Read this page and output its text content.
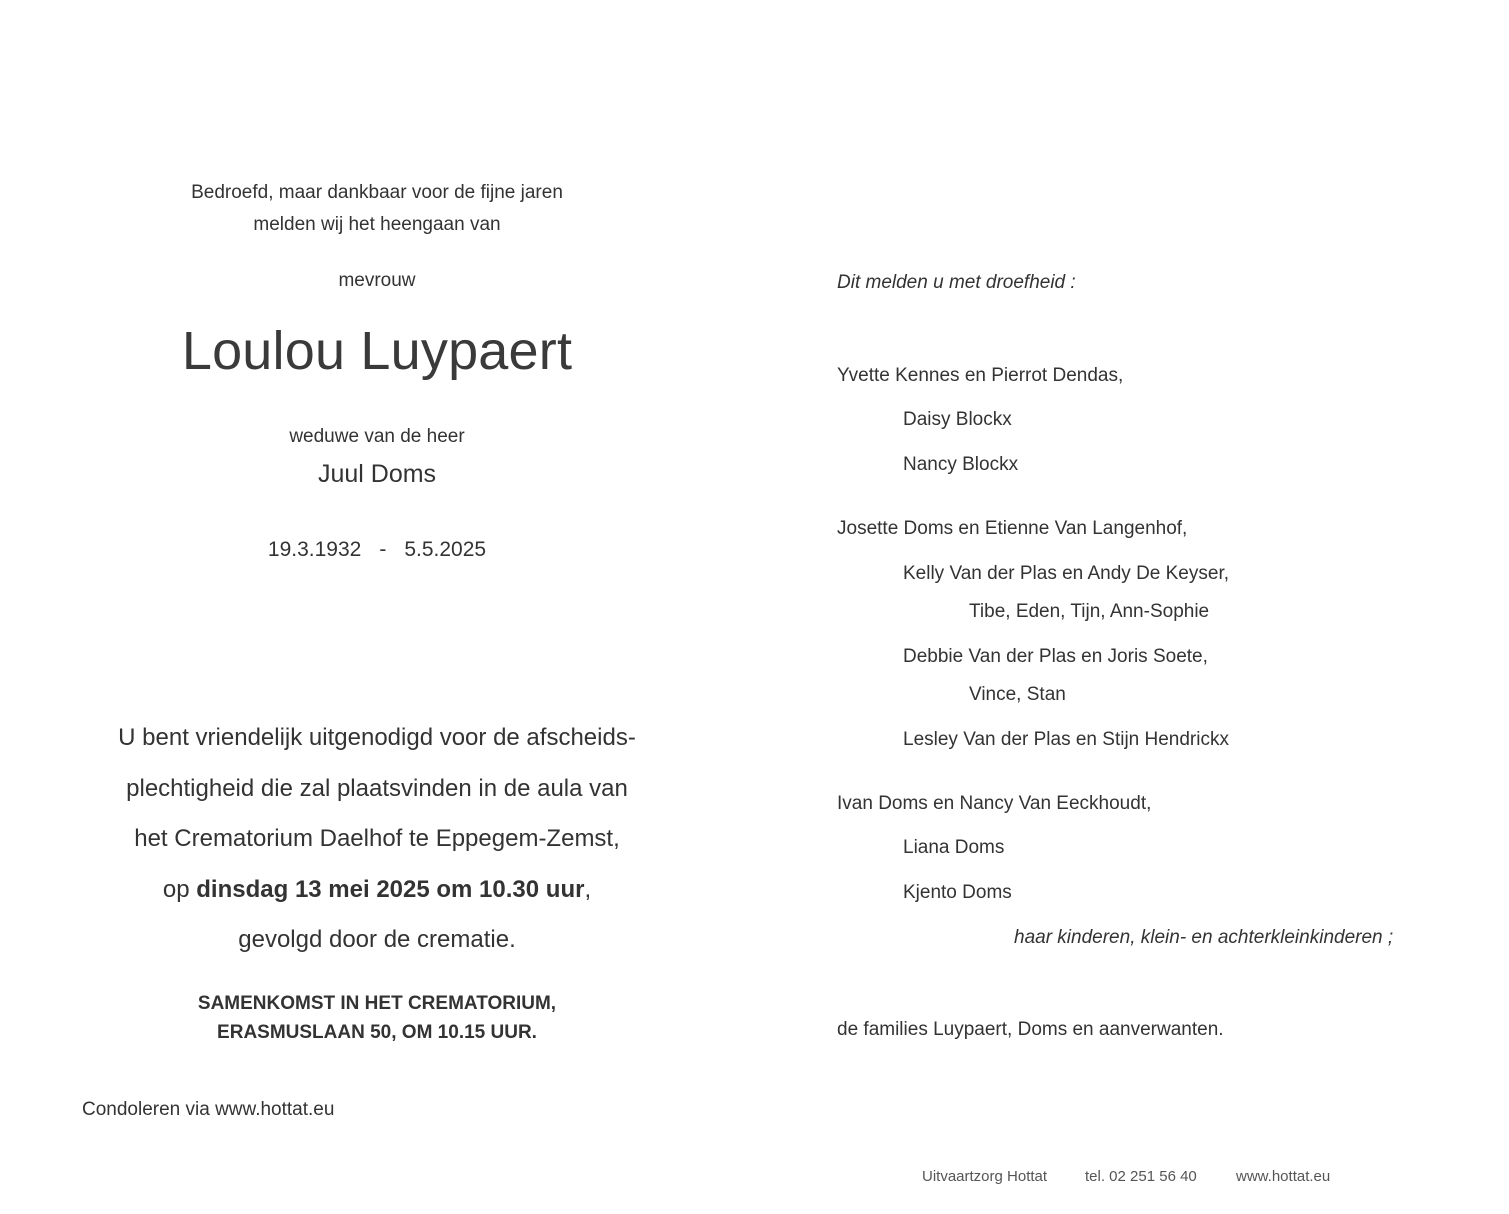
Bedroefd, maar dankbaar voor de fijne jaren
melden wij het heengaan van
mevrouw
Loulou Luypaert
weduwe van de heer
Juul Doms
19.3.1932 - 5.5.2025
U bent vriendelijk uitgenodigd voor de afscheids-
plechtigheid die zal plaatsvinden in de aula van
het Crematorium Daelhof te Eppegem-Zemst,
op dinsdag 13 mei 2025 om 10.30 uur,
gevolgd door de crematie.
SAMENKOMST IN HET CREMATORIUM,
ERASMUSLAAN 50, OM 10.15 UUR.
Condoleren via www.hottat.eu
Dit melden u met droefheid :
Yvette Kennes en Pierrot Dendas,
Daisy Blockx
Nancy Blockx
Josette Doms en Etienne Van Langenhof,
Kelly Van der Plas en Andy De Keyser,
Tibe, Eden, Tijn, Ann-Sophie
Debbie Van der Plas en Joris Soete,
Vince, Stan
Lesley Van der Plas en Stijn Hendrickx
Ivan Doms en Nancy Van Eeckhoudt,
Liana Doms
Kjento Doms
haar kinderen, klein- en achterkleinkinderen ;
de families Luypaert, Doms en aanverwanten.
Uitvaartzorg Hottat	tel. 02 251 56 40	www.hottat.eu
